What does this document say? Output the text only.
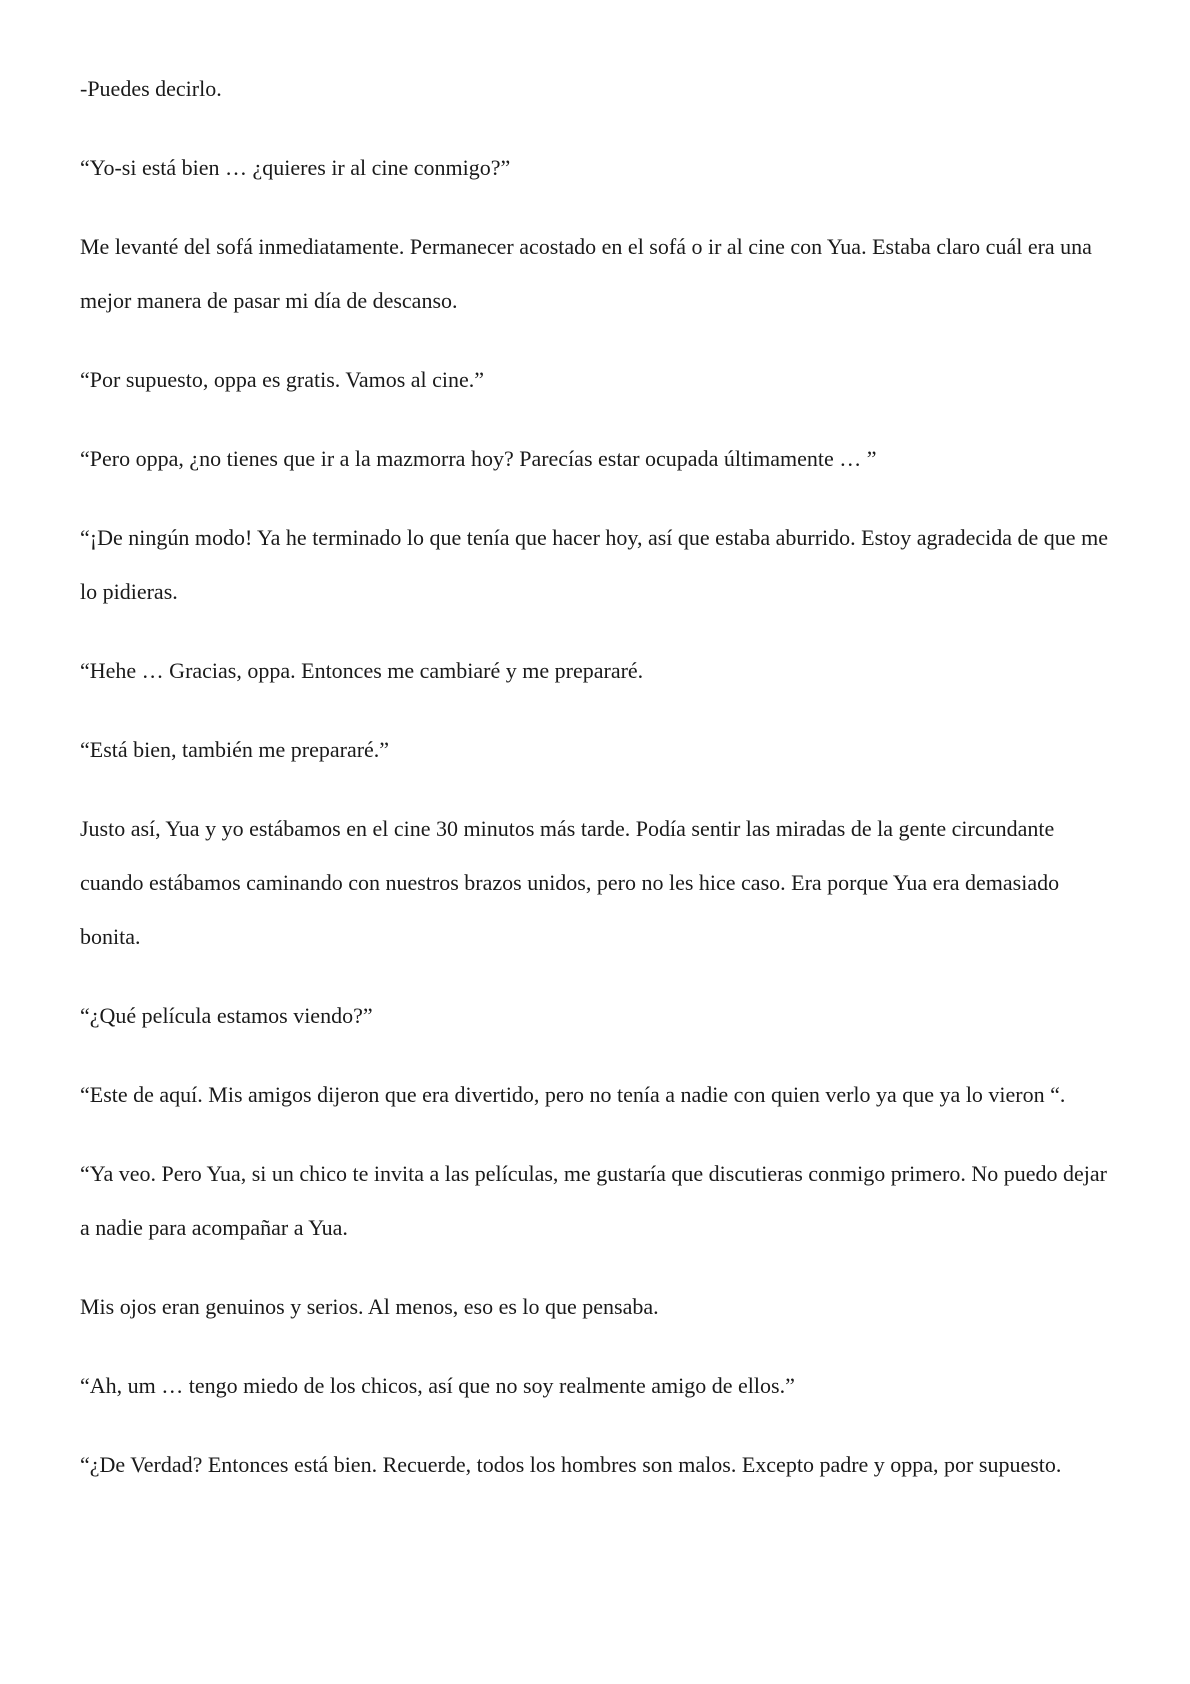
-Puedes decirlo.

“Yo-si está bien … ¿quieres ir al cine conmigo?”

Me levanté del sofá inmediatamente. Permanecer acostado en el sofá o ir al cine con Yua. Estaba claro cuál era una mejor manera de pasar mi día de descanso.

“Por supuesto, oppa es gratis. Vamos al cine.”

“Pero oppa, ¿no tienes que ir a la mazmorra hoy? Parecías estar ocupada últimamente … ”

“¡De ningún modo! Ya he terminado lo que tenía que hacer hoy, así que estaba aburrido. Estoy agradecida de que me lo pidieras.

“Hehe … Gracias, oppa. Entonces me cambiaré y me prepararé.

“Está bien, también me prepararé.”

Justo así, Yua y yo estábamos en el cine 30 minutos más tarde. Podía sentir las miradas de la gente circundante cuando estábamos caminando con nuestros brazos unidos, pero no les hice caso. Era porque Yua era demasiado bonita.

“¿Qué película estamos viendo?”

“Este de aquí. Mis amigos dijeron que era divertido, pero no tenía a nadie con quien verlo ya que ya lo vieron “.

“Ya veo. Pero Yua, si un chico te invita a las películas, me gustaría que discutieras conmigo primero. No puedo dejar a nadie para acompañar a Yua.

Mis ojos eran genuinos y serios. Al menos, eso es lo que pensaba.

“Ah, um … tengo miedo de los chicos, así que no soy realmente amigo de ellos.”

“¿De Verdad? Entonces está bien. Recuerde, todos los hombres son malos. Excepto padre y oppa, por supuesto.
